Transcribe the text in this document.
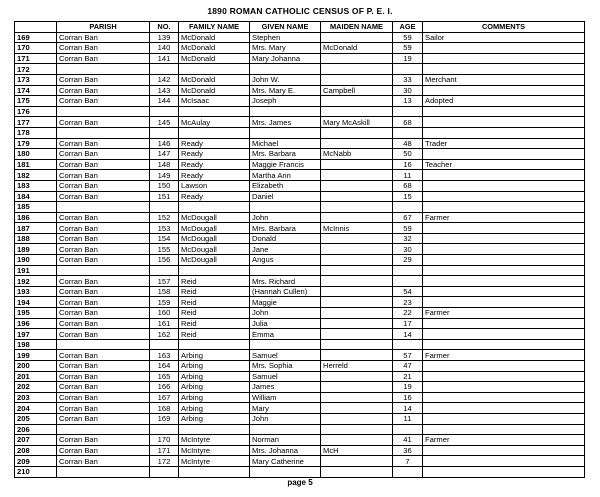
1890 ROMAN CATHOLIC CENSUS OF P. E. I.
	PARISH	NO.	FAMILY NAME	GIVEN NAME	MAIDEN NAME	AGE	COMMENTS
169	Corran Ban	139	McDonald	Stephen		59	Sailor
170	Corran Ban	140	McDonald	Mrs. Mary	McDonald	59	
171	Corran Ban	141	McDonald	Mary Johanna		19	
172							
173	Corran Ban	142	McDonald	John W.		33	Merchant
174	Corran Ban	143	McDonald	Mrs. Mary E.	Campbell	30	
175	Corran Ban	144	McIsaac	Joseph		13	Adopted
176							
177	Corran Ban	145	McAulay	Mrs. James	Mary McAskill	68	
178							
179	Corran Ban	146	Ready	Michael		48	Trader
180	Corran Ban	147	Ready	Mrs. Barbara	McNabb	50	
181	Corran Ban	148	Ready	Maggie Francis		16	Teacher
182	Corran Ban	149	Ready	Martha Ann		11	
183	Corran Ban	150	Lawson	Elizabeth		68	
184	Corran Ban	151	Ready	Daniel		15	
185							
186	Corran Ban	152	McDougall	John		67	Farmer
187	Corran Ban	153	McDougall	Mrs. Barbara	McInnis	59	
188	Corran Ban	154	McDougall	Donald		32	
189	Corran Ban	155	McDougall	Jane		30	
190	Corran Ban	156	McDougall	Angus		29	
191							
192	Corran Ban	157	Reid	Mrs. Richard			
193	Corran Ban	158	Reid	(Hannah Cullen)		54	
194	Corran Ban	159	Reid	Maggie		23	
195	Corran Ban	160	Reid	John		22	Farmer
196	Corran Ban	161	Reid	Julia		17	
197	Corran Ban	162	Reid	Emma		14	
198							
199	Corran Ban	163	Arbing	Samuel		57	Farmer
200	Corran Ban	164	Arbing	Mrs. Sophia	Herreld	47	
201	Corran Ban	165	Arbing	Samuel		21	
202	Corran Ban	166	Arbing	James		19	
203	Corran Ban	167	Arbing	William		16	
204	Corran Ban	168	Arbing	Mary		14	
205	Corran Ban	169	Arbing	John		11	
206							
207	Corran Ban	170	McIntyre	Norman		41	Farmer
208	Corran Ban	171	McIntyre	Mrs. Johanna	McH	36	
209	Corran Ban	172	McIntyre	Mary Catherine		7	
210							
page 5
